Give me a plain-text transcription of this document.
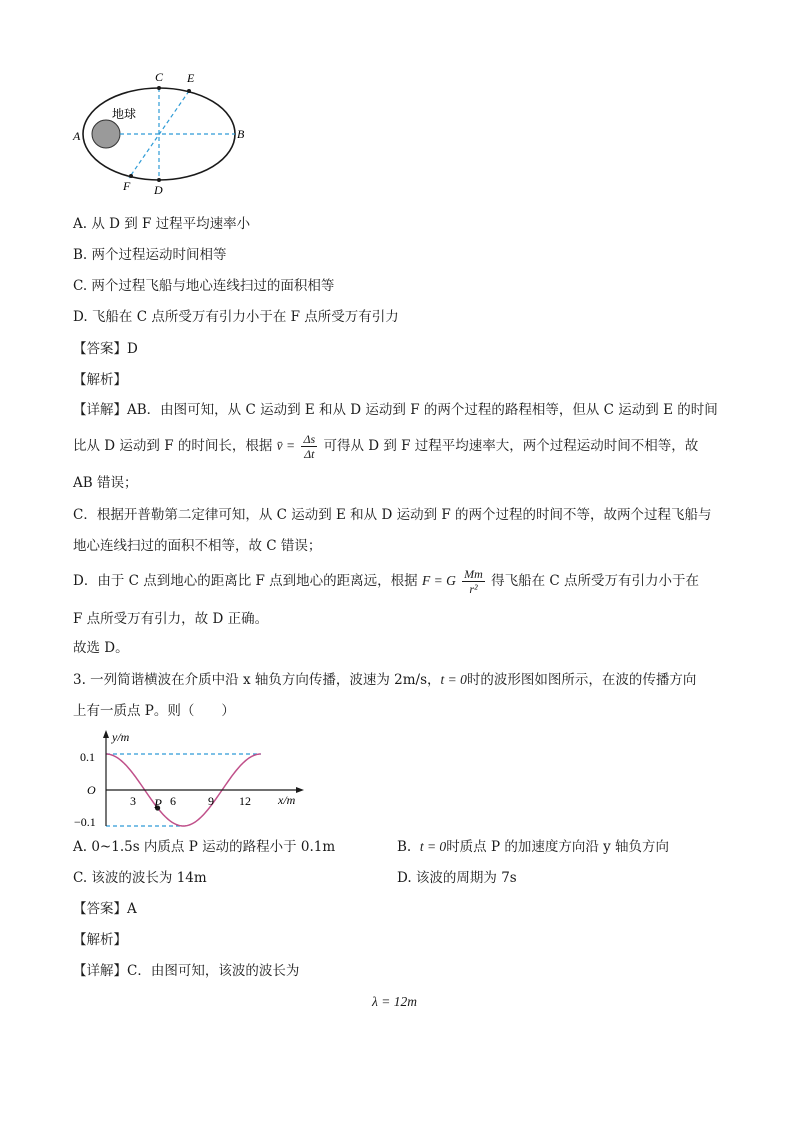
地球
C E
A	B
F D
A. 从 D 到 F 过程平均速率小
B. 两个过程运动时间相等
C. 两个过程飞船与地心连线扫过的面积相等
D. 飞船在 C 点所受万有引力小于在 F 点所受万有引力
【答案】D
【解析】
【详解】AB．由图可知，从 C 运动到 E 和从 D 运动到 F 的两个过程的路程相等，但从 C 运动到 E 的时间
比从 D 运动到 F 的时间长，根据 v̄ = $\frac{\Delta s}{\Delta t}$ 可得从 D 到 F 过程平均速率大，两个过程运动时间不相等，故
AB 错误；
C．根据开普勒第二定律可知，从 C 运动到 E 和从 D 运动到 F 的两个过程的时间不等，故两个过程飞船与
地心连线扫过的面积不相等，故 C 错误；
D．由于 C 点到地心的距离比 F 点到地心的距离远，根据 F = G $\frac{Mm}{\text{r²}}$ 得飞船在 C 点所受万有引力小于在
F 点所受万有引力，故 D 正确。
故选 D。
3. 一列简谐横波在介质中沿 x 轴负方向传播，波速为 2m/s，t = 0时的波形图如图所示，在波的传播方向
上有一质点 P。则（　　）
y/m
x/m
O
0.1
−0.1
3	6	9 12
P
A. 0~1.5s 内质点 P 运动的路程小于 0.1m	B. t = 0时质点 P 的加速度方向沿 y 轴负方向
C. 该波的波长为 14m	D. 该波的周期为 7s
【答案】A
【解析】
【详解】C．由图可知，该波的波长为
λ = 12m
